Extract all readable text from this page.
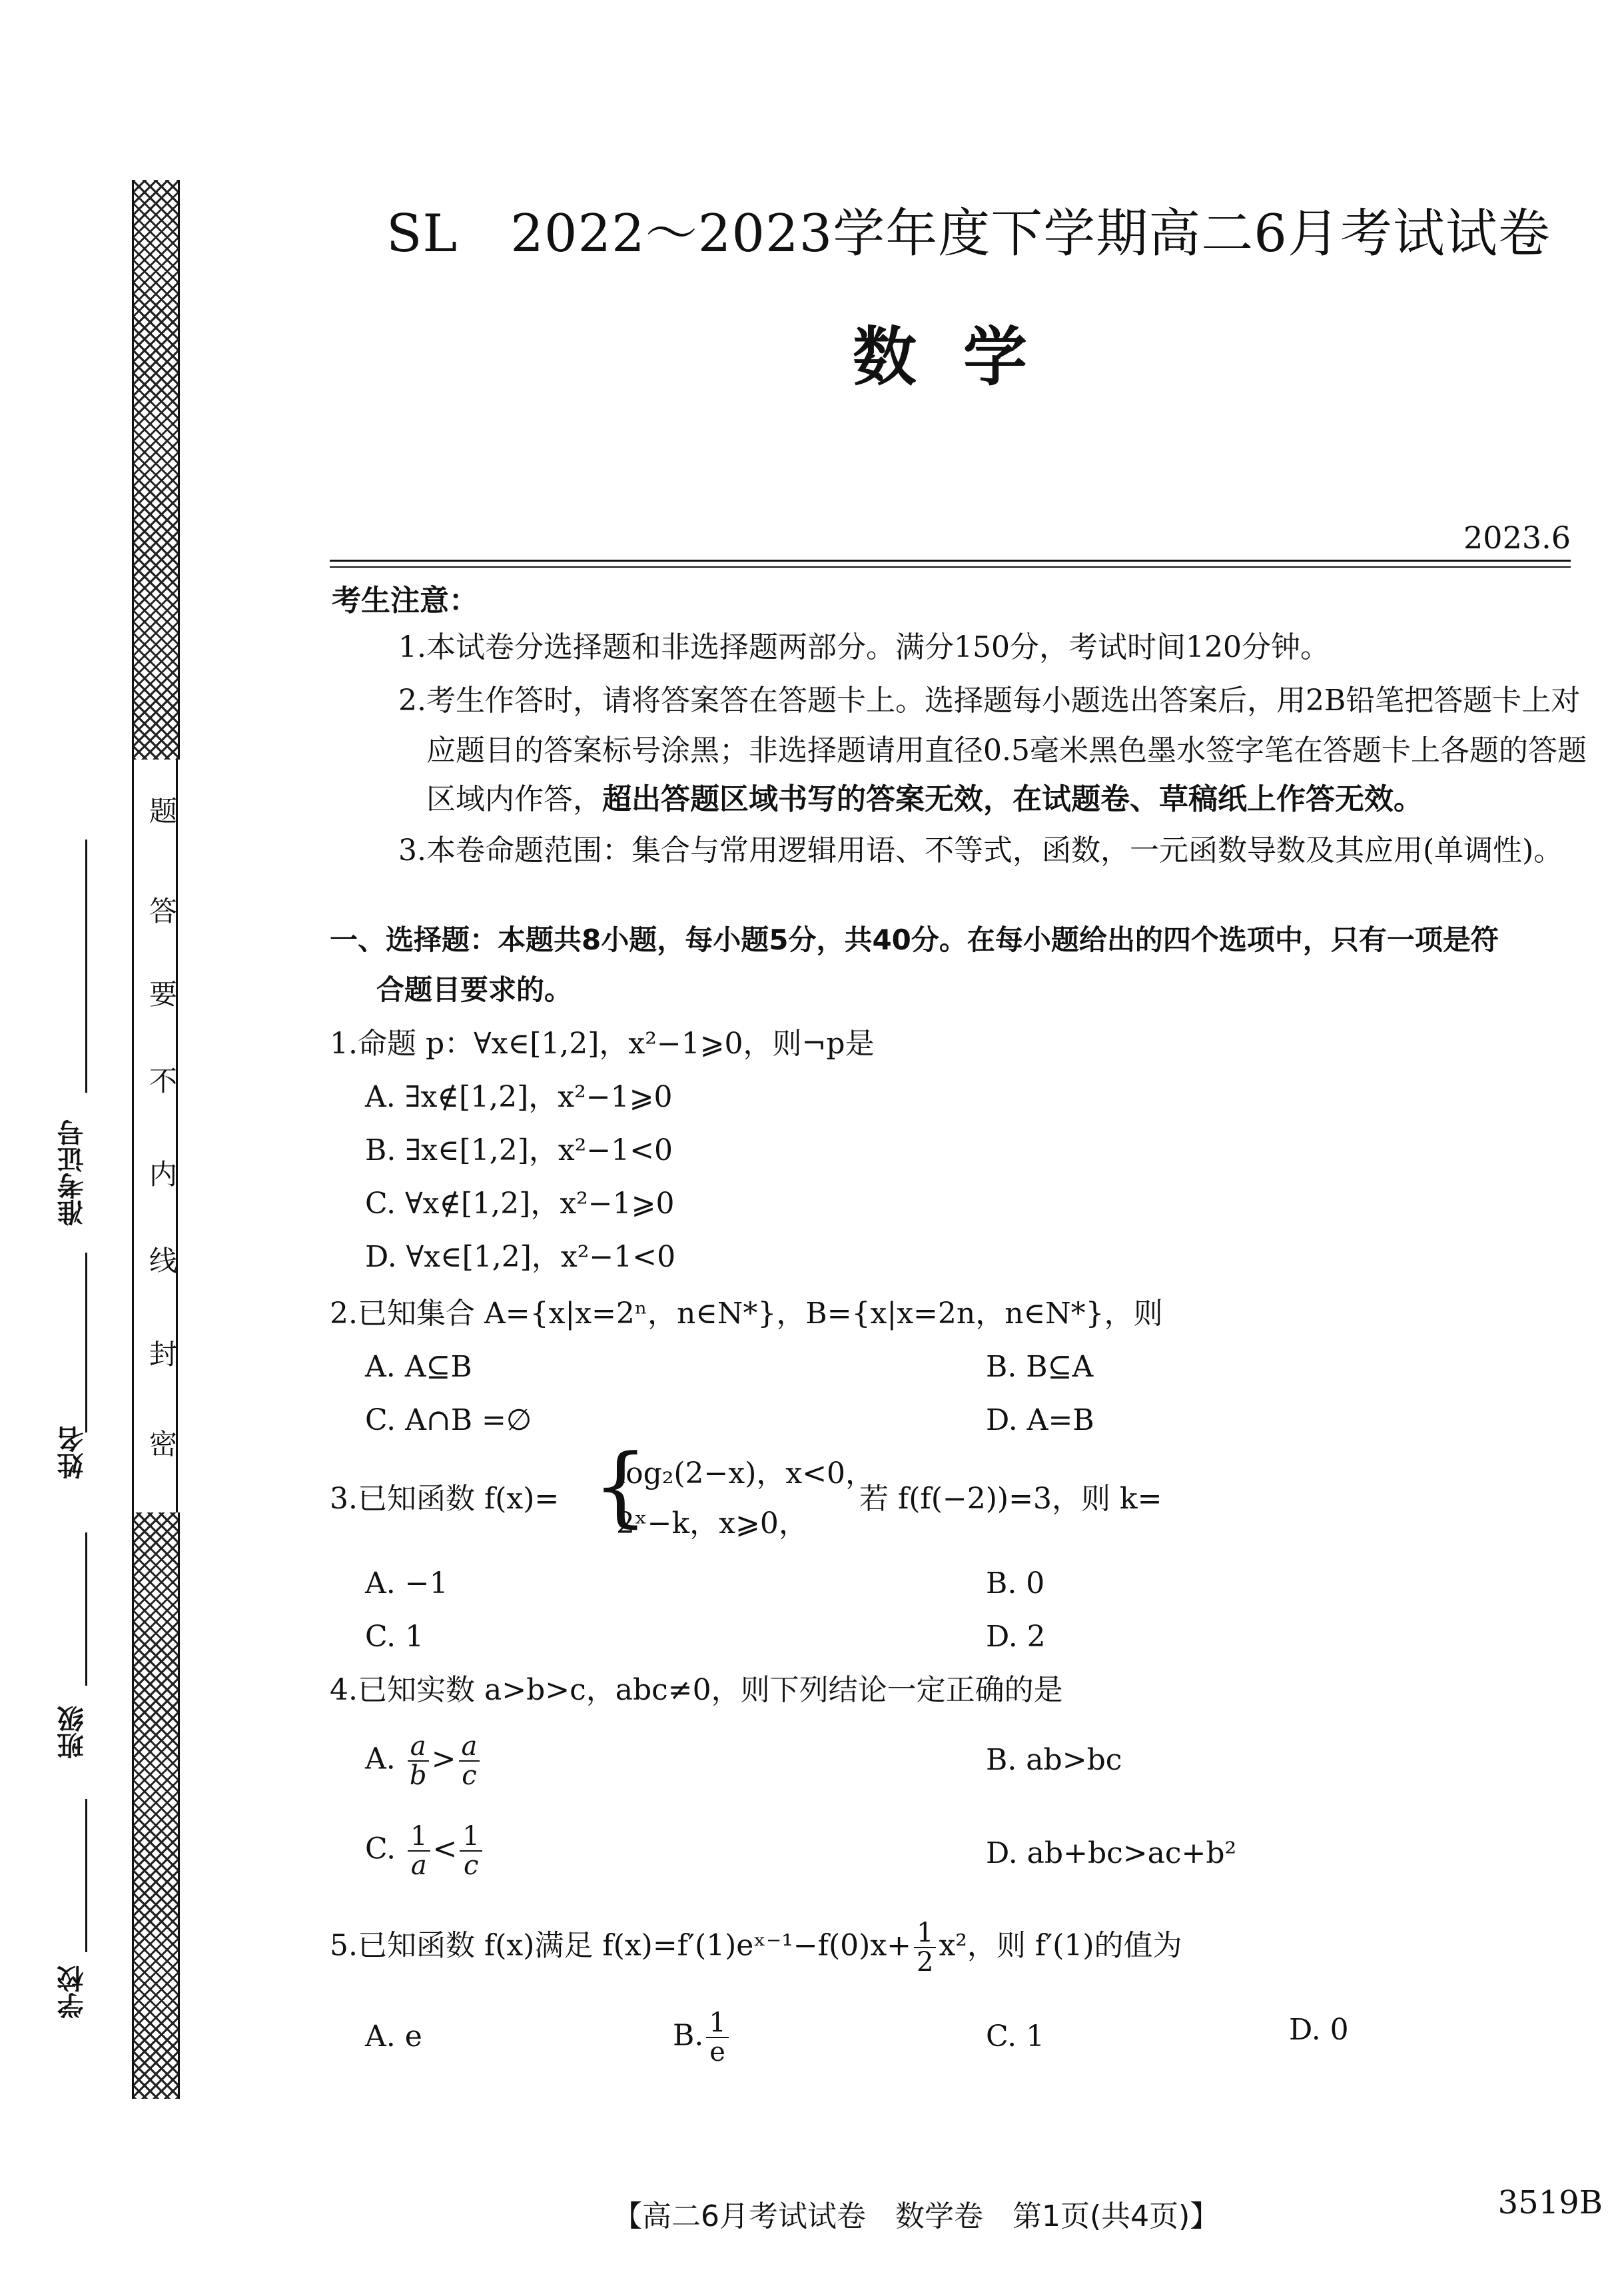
题
答
要
不
内
线
封
密
准考证号
姓名
班级
学校
SL　2022～2023学年度下学期高二6月考试试卷
数学
2023.6
考生注意：
1.本试卷分选择题和非选择题两部分。满分150分，考试时间120分钟。
2.考生作答时，请将答案答在答题卡上。选择题每小题选出答案后，用2B铅笔把答题卡上对
应题目的答案标号涂黑；非选择题请用直径0.5毫米黑色墨水签字笔在答题卡上各题的答题
区域内作答，超出答题区域书写的答案无效，在试题卷、草稿纸上作答无效。
3.本卷命题范围：集合与常用逻辑用语、不等式，函数，一元函数导数及其应用(单调性)。
一、选择题：本题共8小题，每小题5分，共40分。在每小题给出的四个选项中，只有一项是符
合题目要求的。
1.命题 p：∀x∈[1,2]，x²−1⩾0，则¬p是
A. ∃x∉[1,2]，x²−1⩾0
B. ∃x∈[1,2]，x²−1<0
C. ∀x∉[1,2]，x²−1⩾0
D. ∀x∈[1,2]，x²−1<0
2.已知集合 A={x|x=2ⁿ，n∈N*}，B={x|x=2n，n∈N*}，则
A. A⊆B	B. B⊆A
C. A∩B =∅	D. A=B
3.已知函数 f(x)= {
log₂(2−x)，x<0，
2ˣ−k，x⩾0，
若 f(f(−2))=3，则 k=
A. −1	B. 0
C. 1	D. 2
4.已知实数 a>b>c，abc≠0，则下列结论一定正确的是
A. $\frac{a}{b} > \frac{a}{c}$	B. ab>bc
C. $\frac{1}{a} < \frac{1}{c}$	D. ab+bc>ac+b²
5.已知函数 f(x)满足 f(x)=f′(1)eˣ⁻¹−f(0)x+ $\frac{1}{2} x^2$，则 f′(1)的值为
A. e	B. $\frac{1}{e}$	C. 1	D. 0
【高二6月考试试卷　数学卷　第1页(共4页)】	3519B
